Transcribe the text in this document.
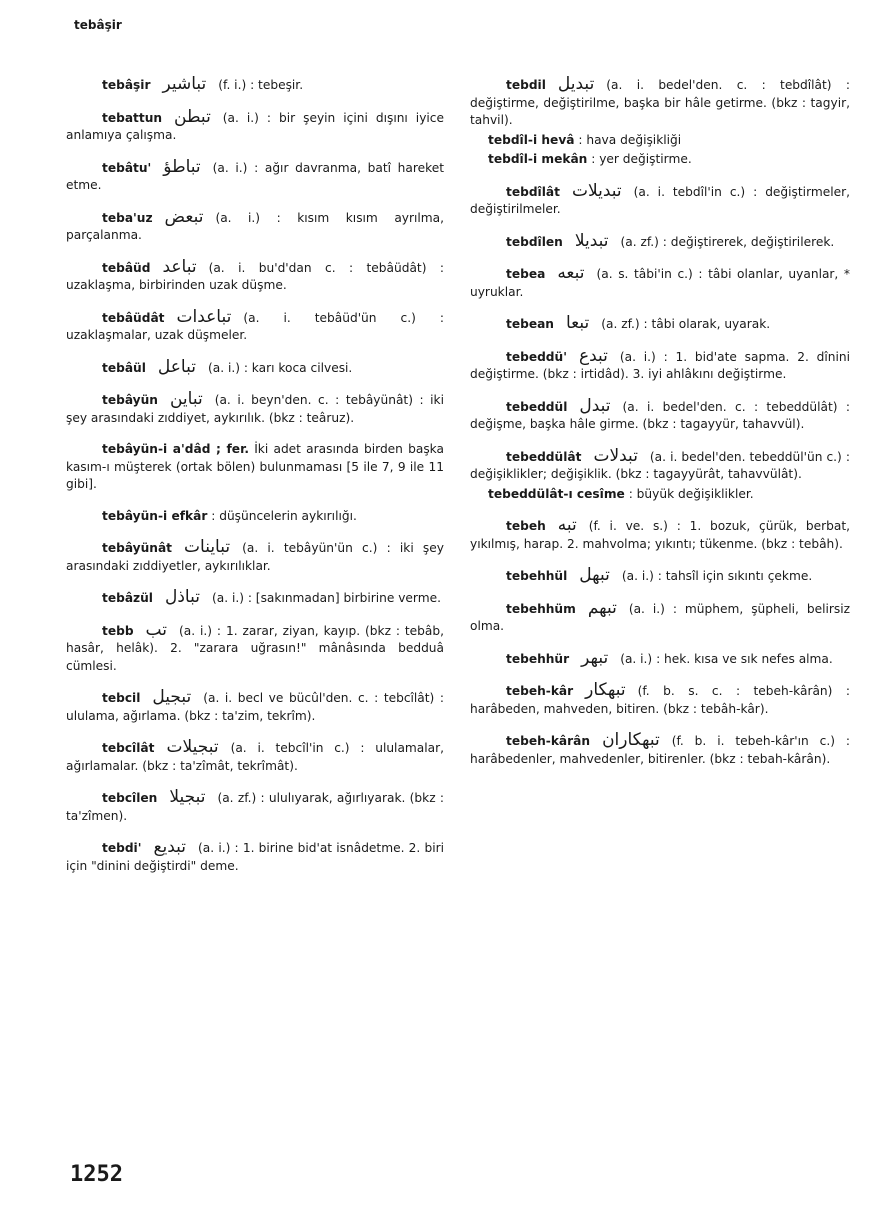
tebâşir

tebâşir تباشير (f. i.) : tebeşir.

tebattun تبطن (a. i.) : bir şeyin içini dışını iyice anlamıya çalışma.

tebâtu' تباطؤ (a. i.) : ağır davranma, batî hareket etme.

teba'uz تبعض (a. i.) : kısım kısım ayrılma, parçalanma.

tebâüd تباعد (a. i. bu'd'dan c. : tebâüdât) : uzaklaşma, birbirinden uzak düşme.

tebâüdât تباعدات (a. i. tebâüd'ün c.) : uzaklaşmalar, uzak düşmeler.

tebâül تباعل (a. i.) : karı koca cilvesi.

tebâyün تباين (a. i. beyn'den. c. : tebâyünât) : iki şey arasındaki zıddiyet, aykırılık. (bkz : teâruz).

tebâyün-i a'dâd ; fer. İki adet arasında birden başka kasım-ı müşterek (ortak bölen) bulunmaması [5 ile 7, 9 ile 11 gibi].

tebâyün-i efkâr : düşüncelerin aykırılığı.

tebâyünât تباينات (a. i. tebâyün'ün c.) : iki şey arasındaki zıddiyetler, aykırılıklar.

tebâzül تباذل (a. i.) : [sakınmadan] birbirine verme.

tebb تب (a. i.) : 1. zarar, ziyan, kayıp. (bkz : tebâb, hasâr, helâk). 2. "zarara uğrasın!" mânâsında bedduâ cümlesi.

tebcil تبجيل (a. i. becl ve bücûl'den. c. : tebcîlât) : ululama, ağırlama. (bkz : ta'zim, tekrîm).

tebcîlât تبجيلات (a. i. tebcîl'in c.) : ululamalar, ağırlamalar. (bkz : ta'zîmât, tekrîmât).

tebcîlen تبجيلا (a. zf.) : ululıyarak, ağırlıyarak. (bkz : ta'zîmen).

tebdi' تبديع (a. i.) : 1. birine bid'at isnâdetme. 2. biri için "dinini değiştirdi" deme.

tebdil تبديل (a. i. bedel'den. c. : tebdîlât) : değiştirme, değiştirilme, başka bir hâle getirme. (bkz : tagyir, tahvil).

tebdîl-i hevâ : hava değişikliği

tebdîl-i mekân : yer değiştirme.

tebdîlât تبديلات (a. i. tebdîl'in c.) : değiştirmeler, değiştirilmeler.

tebdîlen تبديلا (a. zf.) : değiştirerek, değiştirilerek.

tebea تبعه (a. s. tâbi'in c.) : tâbi olanlar, uyanlar, * uyruklar.

tebean تبعا (a. zf.) : tâbi olarak, uyarak.

tebeddü' تبدع (a. i.) : 1. bid'ate sapma. 2. dînini değiştirme. (bkz : irtidâd). 3. iyi ahlâkını değiştirme.

tebeddül تبدل (a. i. bedel'den. c. : tebeddülât) : değişme, başka hâle girme. (bkz : tagayyür, tahavvül).

tebeddülât تبدلات (a. i. bedel'den. tebeddül'ün c.) : değişiklikler; değişiklik. (bkz : tagayyürât, tahavvülât).

tebeddülât-ı cesîme : büyük değişiklikler.

tebeh تبه (f. i. ve. s.) : 1. bozuk, çürük, berbat, yıkılmış, harap. 2. mahvolma; yıkıntı; tükenme. (bkz : tebâh).

tebehhül تبهل (a. i.) : tahsîl için sıkıntı çekme.

tebehhüm تبهم (a. i.) : müphem, şüpheli, belirsiz olma.

tebehhür تبهر (a. i.) : hek. kısa ve sık nefes alma.

tebeh-kâr تبهكار (f. b. s. c. : tebeh-kârân) : harâbeden, mahvеden, bitiren. (bkz : tebâh-kâr).

tebeh-kârân تبهكاران (f. b. i. tebeh-kâr'ın c.) : harâbedenler, mahvedenler, bitirenler. (bkz : tebah-kârân).

1252
